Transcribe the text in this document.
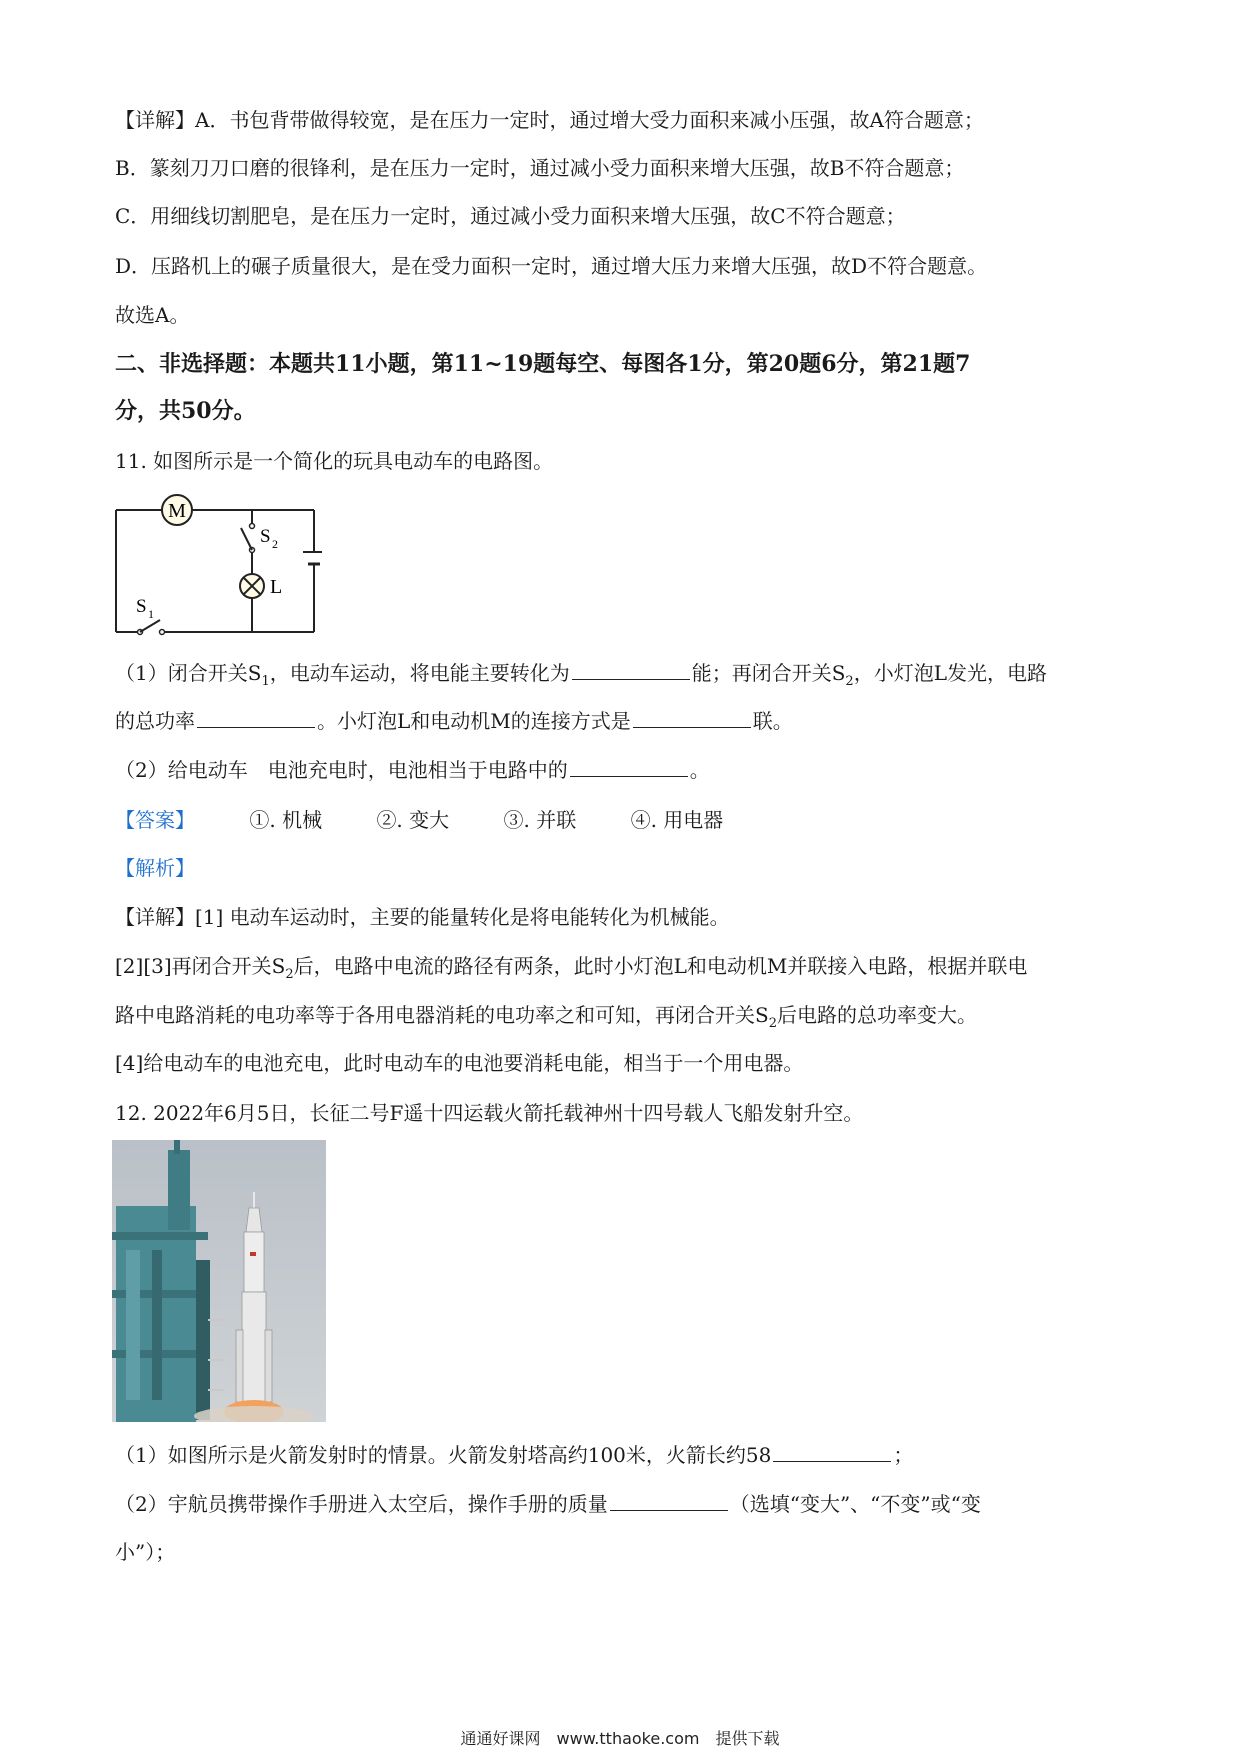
【详解】A．书包背带做得较宽，是在压力一定时，通过增大受力面积来减小压强，故A符合题意；
B．篆刻刀刀口磨的很锋利，是在压力一定时，通过减小受力面积来增大压强，故B不符合题意；
C．用细线切割肥皂，是在压力一定时，通过减小受力面积来增大压强，故C不符合题意；
D．压路机上的碾子质量很大，是在受力面积一定时，通过增大压力来增大压强，故D不符合题意。
故选A。
二、非选择题：本题共11小题，第11~19题每空、每图各1分，第20题6分，第21题7
分，共50分。
11. 如图所示是一个简化的玩具电动车的电路图。
M
S 2
L
S 1
（1）闭合开关$S_1$，电动车运动，将电能主要转化为	能；再闭合开关$S_2$，小灯泡L发光，电路
的总功率	。小灯泡L和电动机M的连接方式是	联。
（2）给电动车　电池充电时，电池相当于电路中的	。
【答案】	①. 机械	②. 变大	③. 并联	④. 用电器
【解析】
【详解】[1] 电动车运动时，主要的能量转化是将电能转化为机械能。
[2][3]再闭合开关$S_2$后，电路中电流的路径有两条，此时小灯泡L和电动机M并联接入电路，根据并联电
路中电路消耗的电功率等于各用电器消耗的电功率之和可知，再闭合开关$S_2$后电路的总功率变大。
[4]给电动车的电池充电，此时电动车的电池要消耗电能，相当于一个用电器。
12. 2022年6月5日，长征二号F遥十四运载火箭托载神州十四号载人飞船发射升空。
（1）如图所示是火箭发射时的情景。火箭发射塔高约100米，火箭长约58	；
（2）宇航员携带操作手册进入太空后，操作手册的质量	（选填“变大”、“不变”或“变
小”）；
通通好课网　www.tthaoke.com　提供下载
